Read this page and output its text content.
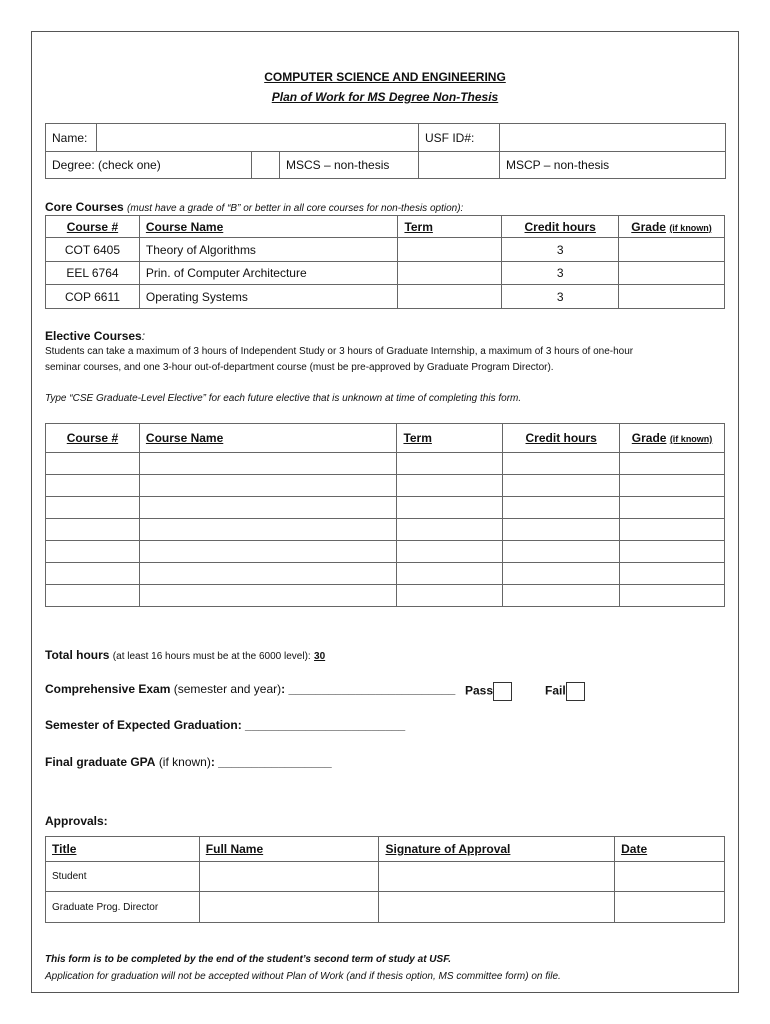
COMPUTER SCIENCE AND ENGINEERING
Plan of Work for MS Degree Non-Thesis
Name:				USF ID#:	
Degree: (check one)			MSCS – non-thesis		MSCP – non-thesis
Core Courses (must have a grade of “B” or better in all core courses for non-thesis option):
Course #	Course Name	Term	Credit hours	Grade (if known)
COT 6405	Theory of Algorithms		3	
EEL 6764	Prin. of Computer Architecture		3	
COP 6611	Operating Systems		3	
Elective Courses:
Students can take a maximum of 3 hours of Independent Study or 3 hours of Graduate Internship, a maximum of 3 hours of one-hour
seminar courses, and one 3-hour out-of-department course (must be pre-approved by Graduate Program Director).
Type “CSE Graduate-Level Elective” for each future elective that is unknown at time of completing this form.
Course #	Course Name	Term	Credit hours	Grade (if known)

Total hours (at least 16 hours must be at the 6000 level): 30
Comprehensive Exam (semester and year): _________________________ Pass	Fail
Semester of Expected Graduation: ________________________
Final graduate GPA (if known): _________________
Approvals:
Title	Full Name	Signature of Approval	Date
Student			
Graduate Prog. Director			
This form is to be completed by the end of the student’s second term of study at USF.
Application for graduation will not be accepted without Plan of Work (and if thesis option, MS committee form) on file.
